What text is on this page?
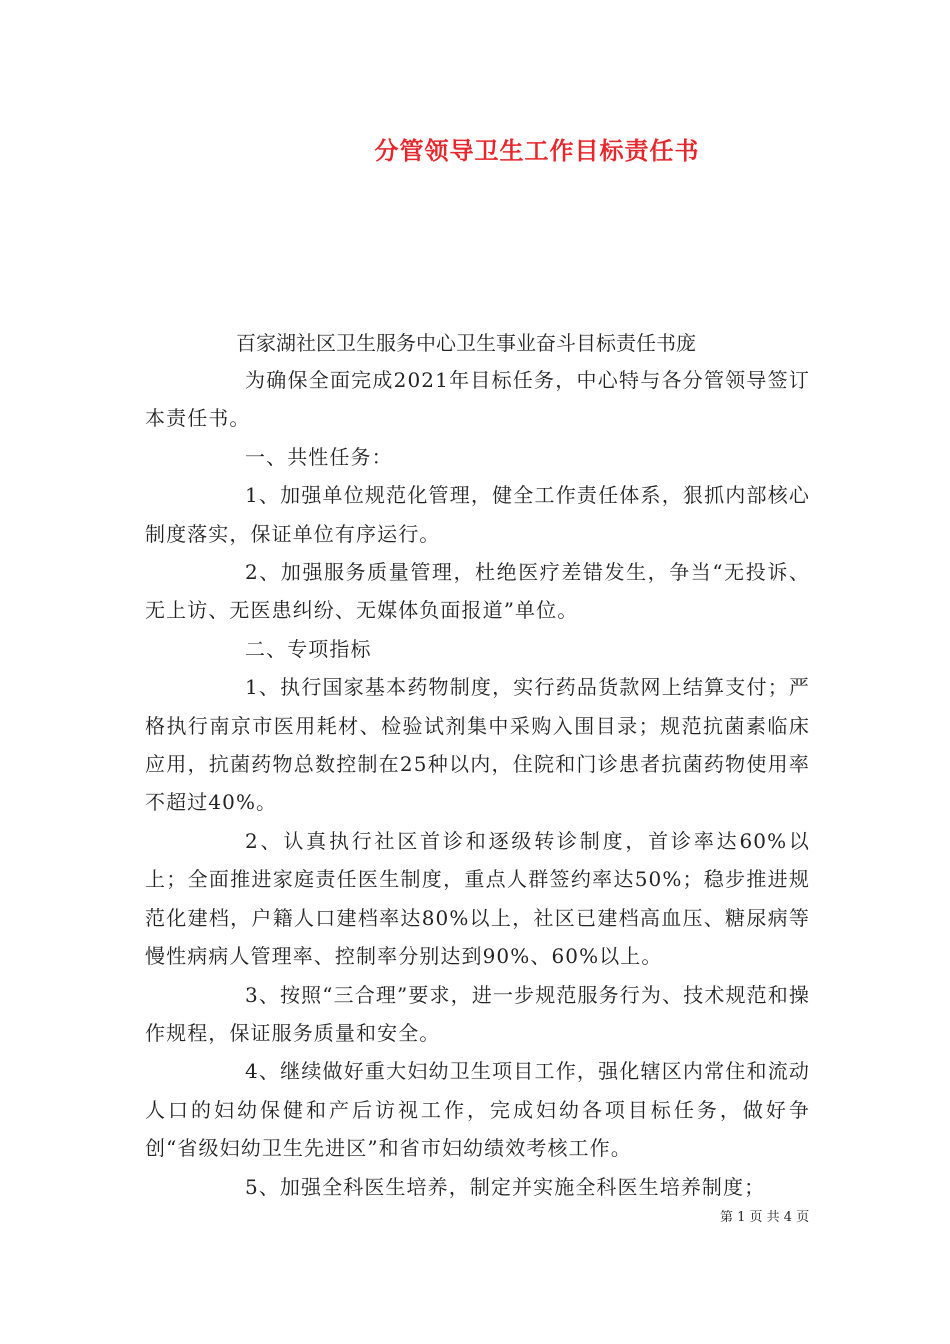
分管领导卫生工作目标责任书
百家湖社区卫生服务中心卫生事业奋斗目标责任书庞

为确保全面完成2021年目标任务，中心特与各分管领导签订本责任书。

一、共性任务：

1、加强单位规范化管理，健全工作责任体系，狠抓内部核心制度落实，保证单位有序运行。

2、加强服务质量管理，杜绝医疗差错发生，争当“无投诉、无上访、无医患纠纷、无媒体负面报道”单位。

二、专项指标

1、执行国家基本药物制度，实行药品货款网上结算支付；严格执行南京市医用耗材、检验试剂集中采购入围目录；规范抗菌素临床应用，抗菌药物总数控制在25种以内，住院和门诊患者抗菌药物使用率不超过40%。

2、认真执行社区首诊和逐级转诊制度，首诊率达60%以上；全面推进家庭责任医生制度，重点人群签约率达50%；稳步推进规范化建档，户籍人口建档率达80%以上，社区已建档高血压、糖尿病等慢性病病人管理率、控制率分别达到90%、60%以上。

3、按照“三合理”要求，进一步规范服务行为、技术规范和操作规程，保证服务质量和安全。

4、继续做好重大妇幼卫生项目工作，强化辖区内常住和流动人口的妇幼保健和产后访视工作，完成妇幼各项目标任务，做好争创“省级妇幼卫生先进区”和省市妇幼绩效考核工作。

5、加强全科医生培养，制定并实施全科医生培养制度；

第 1 页 共 4 页
